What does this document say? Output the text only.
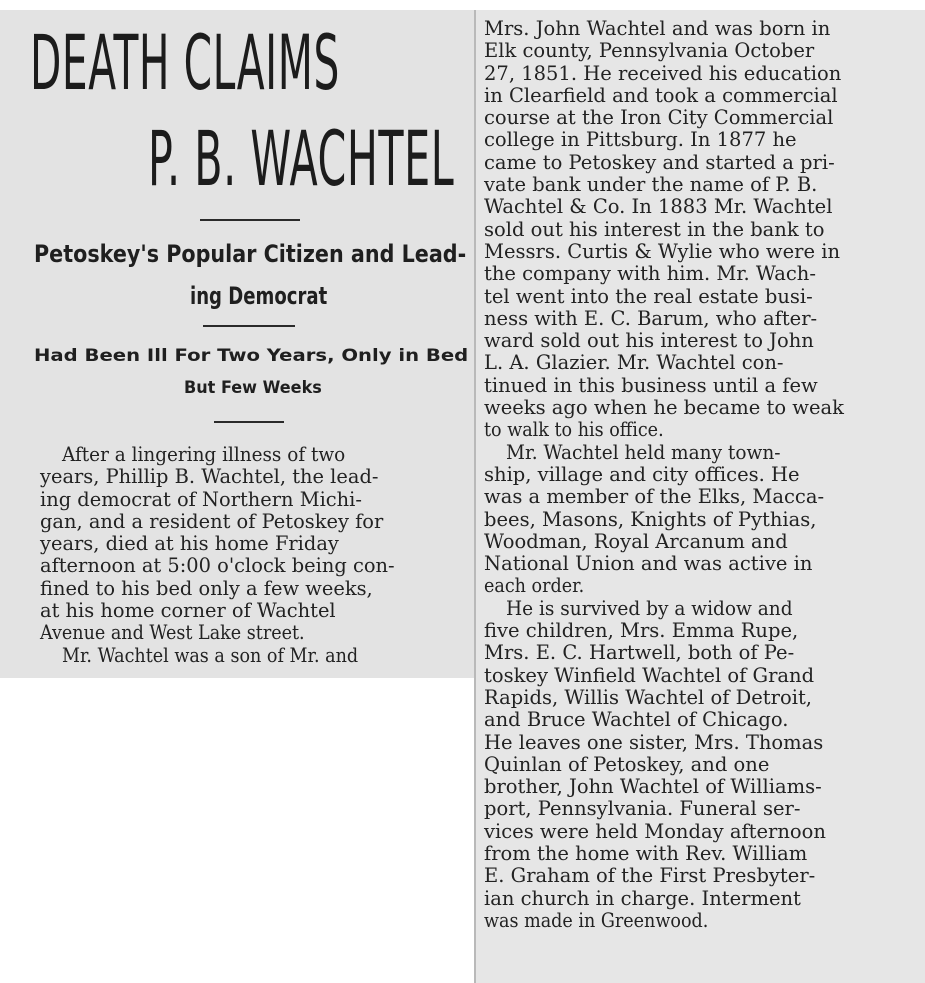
DEATH CLAIMS
P. B. WACHTEL
Petoskey's Popular Citizen and Lead-
ing Democrat
Had Been Ill For Two Years, Only in Bed
But Few Weeks
After a lingering illness of two
years, Phillip B. Wachtel, the lead-
ing democrat of Northern Michi-
gan, and a resident of Petoskey for
years, died at his home Friday
afternoon at 5:00 o'clock being con-
fined to his bed only a few weeks,
at his home corner of Wachtel
Avenue and West Lake street.
Mr. Wachtel was a son of Mr. and
Mrs. John Wachtel and was born in
Elk county, Pennsylvania October
27, 1851. He received his education
in Clearfield and took a commercial
course at the Iron City Commercial
college in Pittsburg. In 1877 he
came to Petoskey and started a pri-
vate bank under the name of P. B.
Wachtel & Co. In 1883 Mr. Wachtel
sold out his interest in the bank to
Messrs. Curtis & Wylie who were in
the company with him. Mr. Wach-
tel went into the real estate busi-
ness with E. C. Barum, who after-
ward sold out his interest to John
L. A. Glazier. Mr. Wachtel con-
tinued in this business until a few
weeks ago when he became to weak
to walk to his office.
Mr. Wachtel held many town-
ship, village and city offices. He
was a member of the Elks, Macca-
bees, Masons, Knights of Pythias,
Woodman, Royal Arcanum and
National Union and was active in
each order.
He is survived by a widow and
five children, Mrs. Emma Rupe,
Mrs. E. C. Hartwell, both of Pe-
toskey Winfield Wachtel of Grand
Rapids, Willis Wachtel of Detroit,
and Bruce Wachtel of Chicago.
He leaves one sister, Mrs. Thomas
Quinlan of Petoskey, and one
brother, John Wachtel of Williams-
port, Pennsylvania. Funeral ser-
vices were held Monday afternoon
from the home with Rev. William
E. Graham of the First Presbyter-
ian church in charge. Interment
was made in Greenwood.
